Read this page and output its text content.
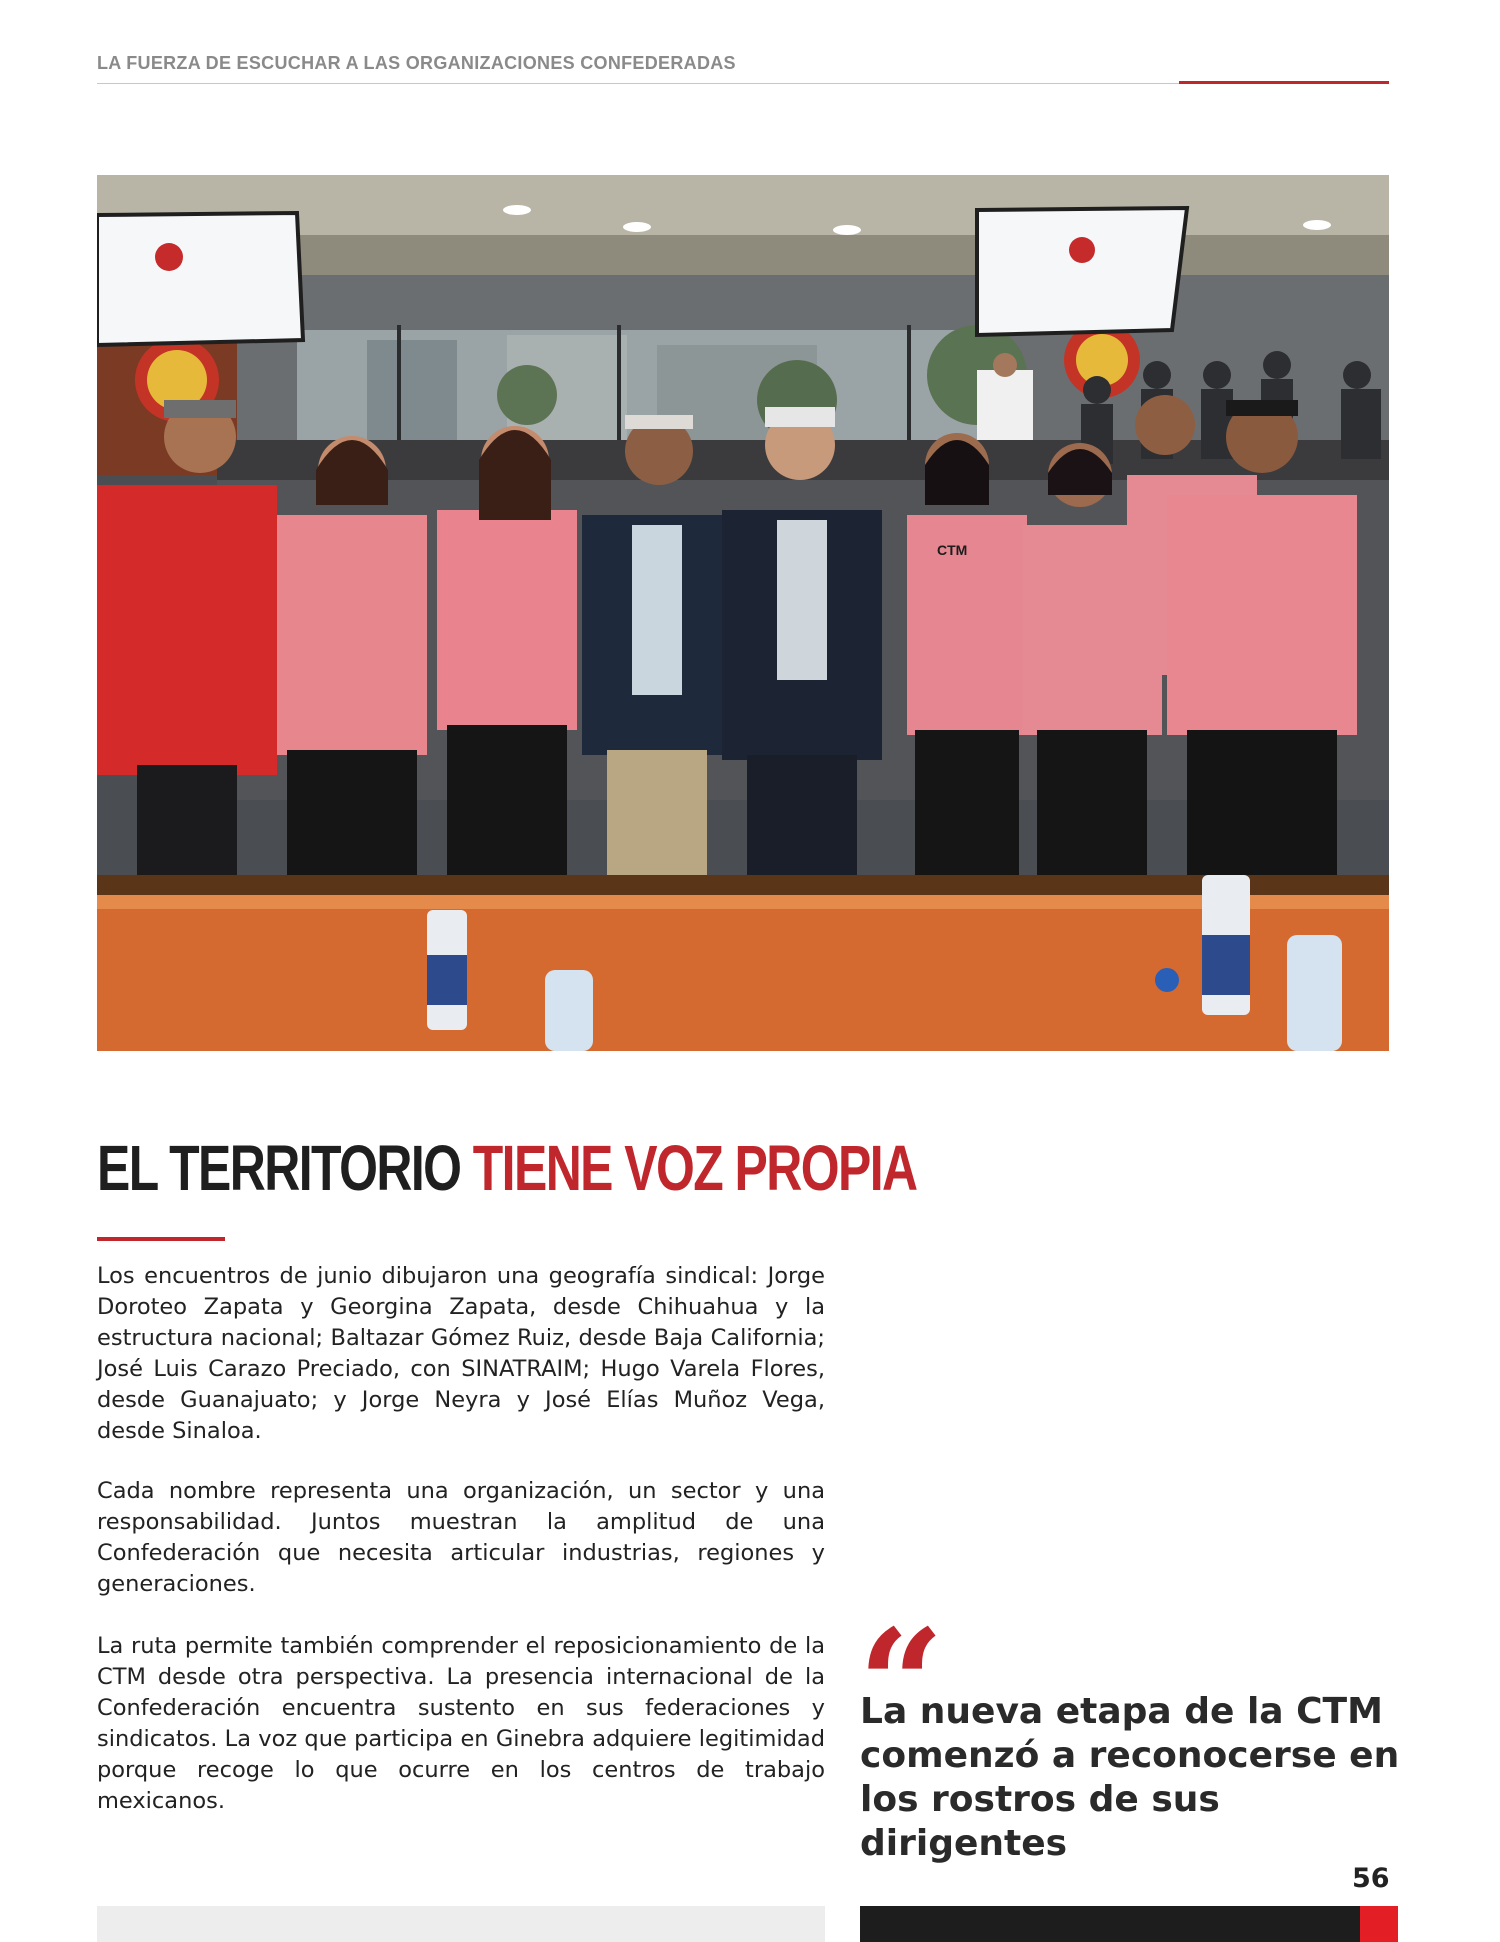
LA FUERZA DE ESCUCHAR A LAS ORGANIZACIONES CONFEDERADAS
CTM
EL TERRITORIO TIENE VOZ PROPIA

Los encuentros de junio dibujaron una geografía sindical: Jorge Doroteo Zapata y Georgina Zapata, desde Chihuahua y la estructura nacional; Baltazar Gómez Ruiz, desde Baja California; José Luis Carazo Preciado, con SINATRAIM; Hugo Varela Flores, desde Guanajuato; y Jorge Neyra y José Elías Muñoz Vega, desde Sinaloa.

Cada nombre representa una organización, un sector y una responsabilidad. Juntos muestran la amplitud de una Confederación que necesita articular industrias, regiones y generaciones.

La ruta permite también comprender el reposicionamiento de la CTM desde otra perspectiva. La presencia internacional de la Confederación encuentra sustento en sus federaciones y sindicatos. La voz que participa en Ginebra adquiere legitimidad porque recoge lo que ocurre en los centros de trabajo mexicanos.

“

La nueva etapa de la CTM comenzó a reconocerse en los rostros de sus dirigentes

56
